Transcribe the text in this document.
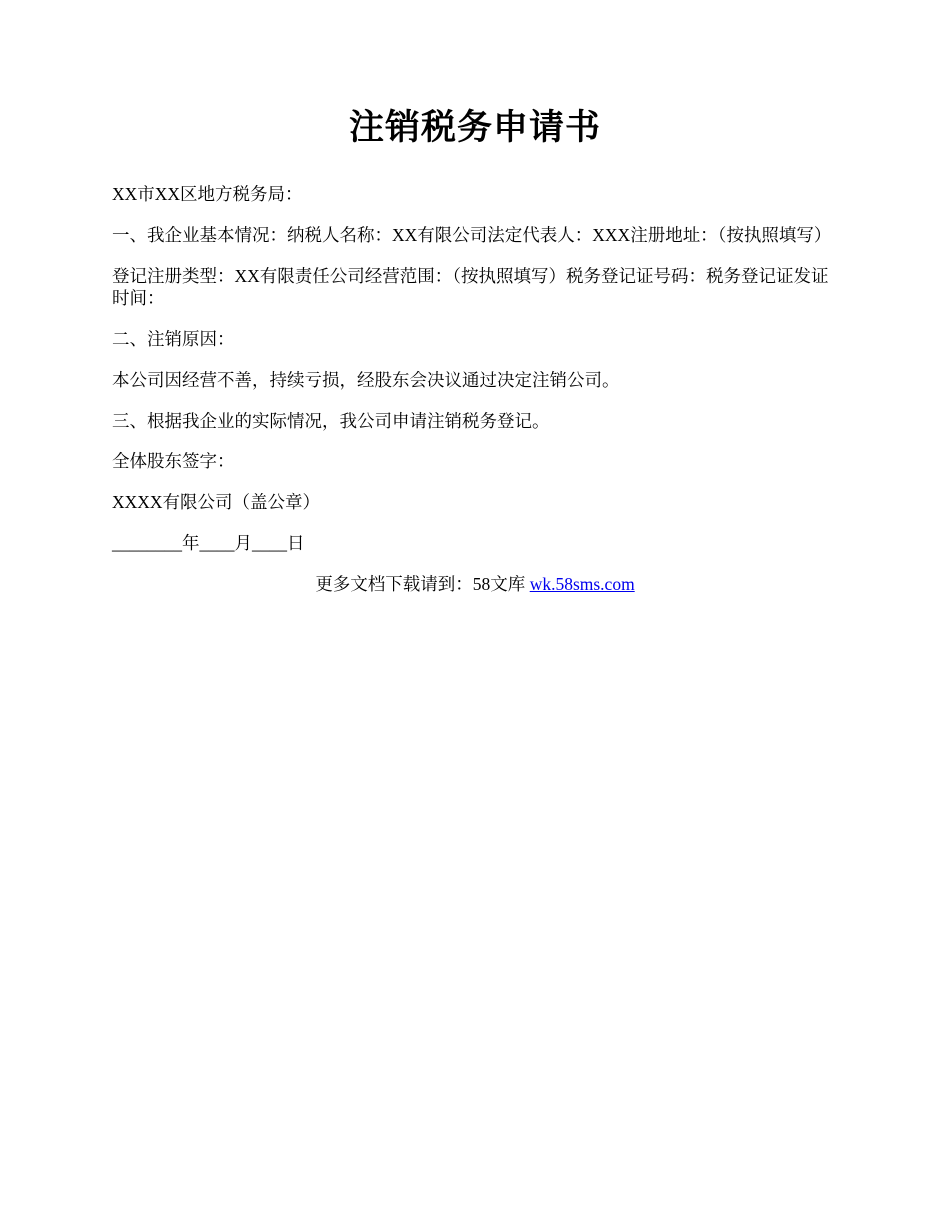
注销税务申请书

XX市XX区地方税务局：

一、我企业基本情况：纳税人名称：XX有限公司法定代表人：XXX注册地址：（按执照填写）

登记注册类型：XX有限责任公司经营范围：（按执照填写）税务登记证号码：税务登记证发证时间：

二、注销原因：

本公司因经营不善，持续亏损，经股东会决议通过决定注销公司。

三、根据我企业的实际情况，我公司申请注销税务登记。

全体股东签字：

XXXX有限公司（盖公章）

________年____月____日

更多文档下载请到：58文库 wk.58sms.com
